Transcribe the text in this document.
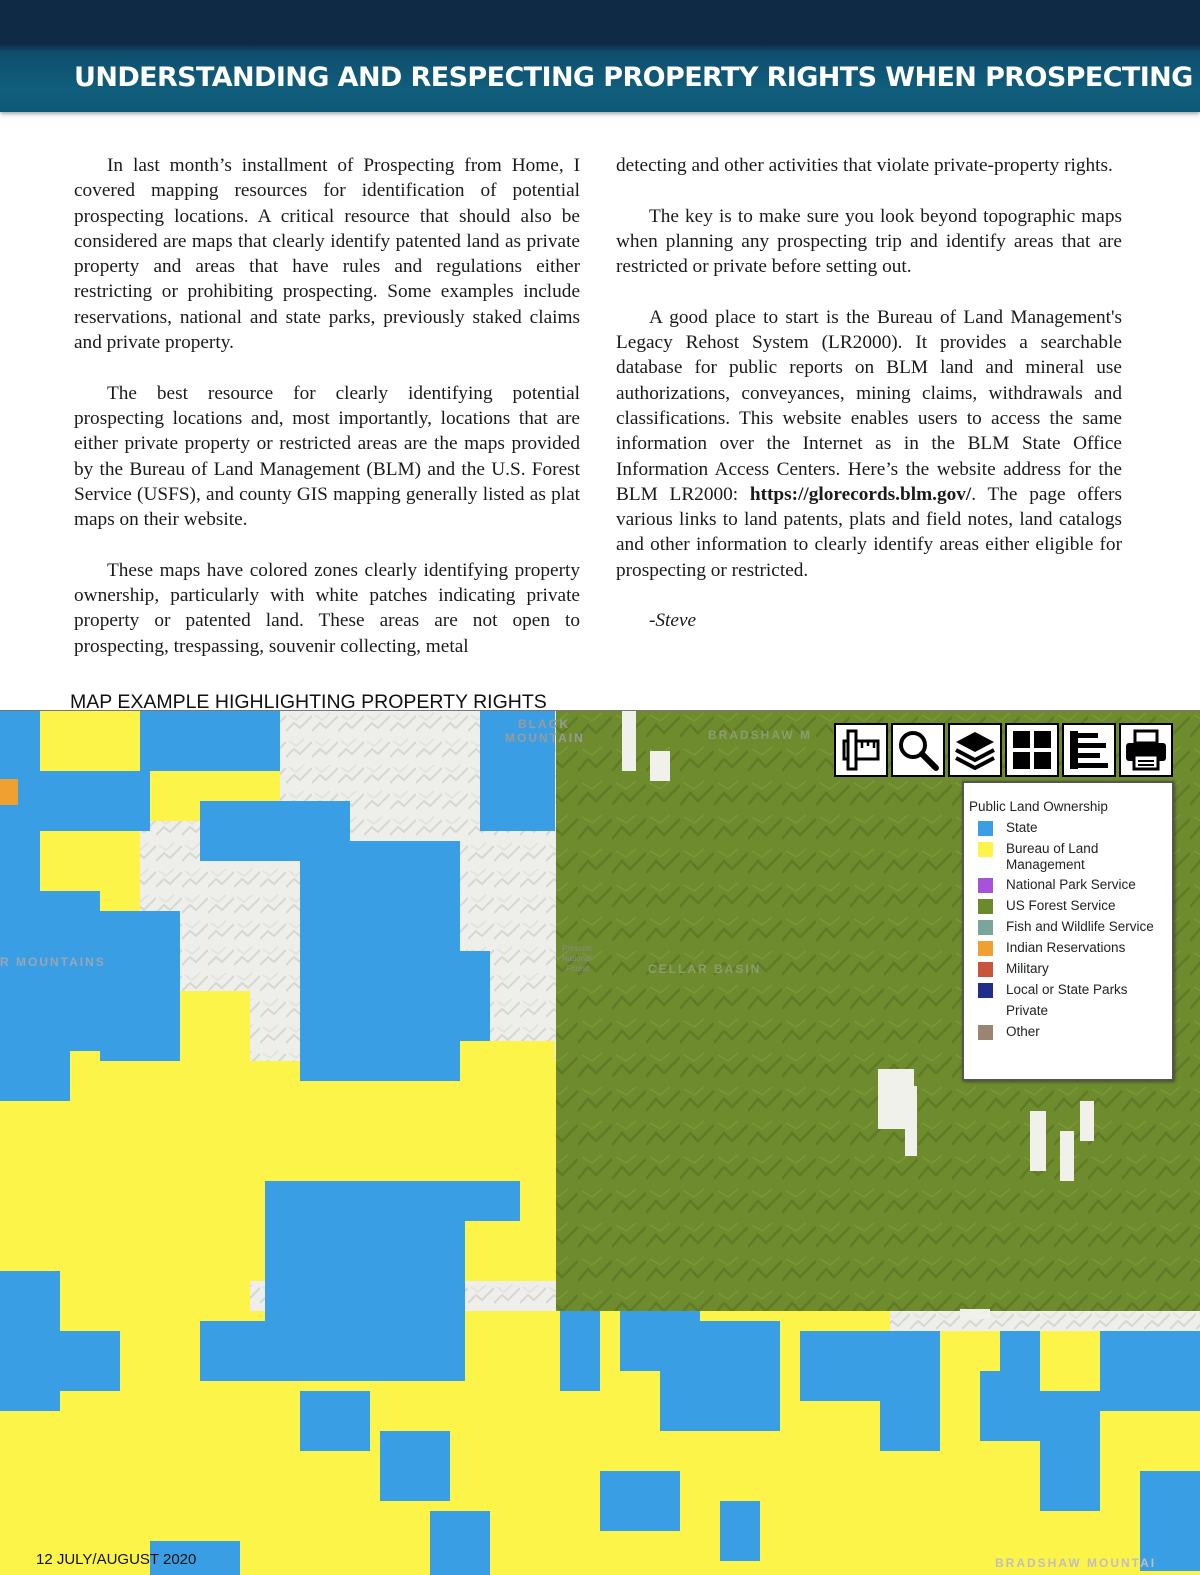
UNDERSTANDING AND RESPECTING PROPERTY RIGHTS WHEN PROSPECTING

In last month’s installment of Prospecting from Home, I covered mapping resources for identification of potential prospecting locations. A critical resource that should also be considered are maps that clearly identify patented land as private property and areas that have rules and regulations either restricting or prohibiting prospecting. Some examples include reservations, national and state parks, previously staked claims and private property.

The best resource for clearly identifying potential prospecting locations and, most importantly, locations that are either private property or restricted areas are the maps provided by the Bureau of Land Management (BLM) and the U.S. Forest Service (USFS), and county GIS mapping generally listed as plat maps on their website.

These maps have colored zones clearly identifying property ownership, particularly with white patches indicating private property or patented land. These areas are not open to prospecting, trespassing, souvenir collecting, metal

detecting and other activities that violate private-property rights.

The key is to make sure you look beyond topographic maps when planning any prospecting trip and identify areas that are restricted or private before setting out.

A good place to start is the Bureau of Land Management's Legacy Rehost System (LR2000). It provides a searchable database for public reports on BLM land and mineral use authorizations, conveyances, mining claims, withdrawals and classifications. This website enables users to access the same information over the Internet as in the BLM State Office Information Access Centers. Here’s the website address for the BLM LR2000: https://glorecords.blm.gov/. The page offers various links to land patents, plats and field notes, land catalogs and other information to clearly identify areas either eligible for prospecting or restricted.

-Steve

MAP EXAMPLE HIGHLIGHTING PROPERTY RIGHTS

BLACK
MOUNTAIN	BRADSHAW M
R MOUNTAINS	CELLAR BASIN
Prescott
National
Forest
BRADSHAW MOUNTAI
Public Land Ownership
State
Bureau of Land Management
National Park Service
US Forest Service
Fish and Wildlife Service
Indian Reservations
Military
Local or State Parks
Private
Other

12 JULY/AUGUST 2020
